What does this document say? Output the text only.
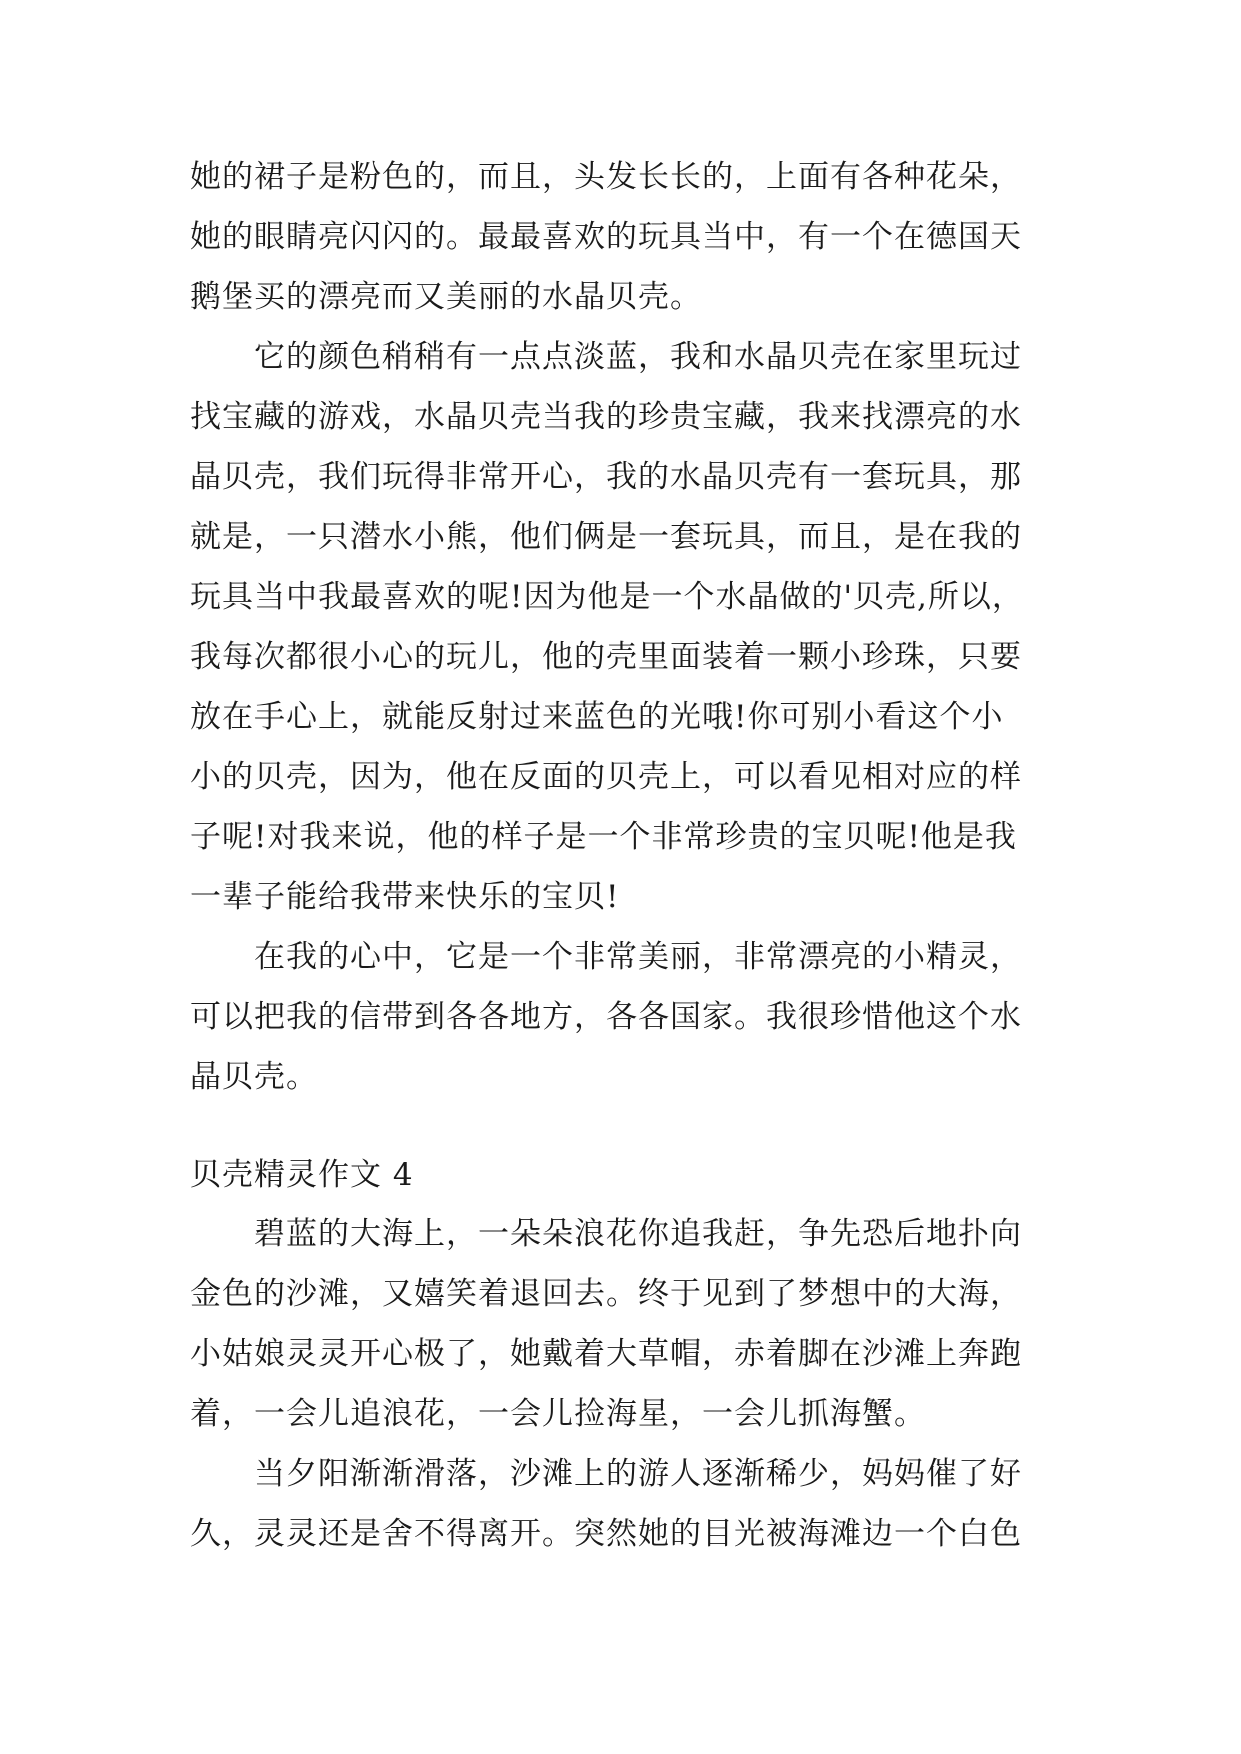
她的裙子是粉色的，而且，头发长长的，上面有各种花朵，
她的眼睛亮闪闪的。最最喜欢的玩具当中，有一个在德国天
鹅堡买的漂亮而又美丽的水晶贝壳。
它的颜色稍稍有一点点淡蓝，我和水晶贝壳在家里玩过
找宝藏的游戏，水晶贝壳当我的珍贵宝藏，我来找漂亮的水
晶贝壳，我们玩得非常开心，我的水晶贝壳有一套玩具，那
就是，一只潜水小熊，他们俩是一套玩具，而且，是在我的
玩具当中我最喜欢的呢!因为他是一个水晶做的'贝壳,所以，
我每次都很小心的玩儿，他的壳里面装着一颗小珍珠，只要
放在手心上，就能反射过来蓝色的光哦!你可别小看这个小
小的贝壳，因为，他在反面的贝壳上，可以看见相对应的样
子呢!对我来说，他的样子是一个非常珍贵的宝贝呢!他是我
一辈子能给我带来快乐的宝贝!
在我的心中，它是一个非常美丽，非常漂亮的小精灵，
可以把我的信带到各各地方，各各国家。我很珍惜他这个水
晶贝壳。
贝壳精灵作文 4
碧蓝的大海上，一朵朵浪花你追我赶，争先恐后地扑向
金色的沙滩，又嬉笑着退回去。终于见到了梦想中的大海，
小姑娘灵灵开心极了，她戴着大草帽，赤着脚在沙滩上奔跑
着，一会儿追浪花，一会儿捡海星，一会儿抓海蟹。
当夕阳渐渐滑落，沙滩上的游人逐渐稀少，妈妈催了好
久，灵灵还是舍不得离开。突然她的目光被海滩边一个白色
